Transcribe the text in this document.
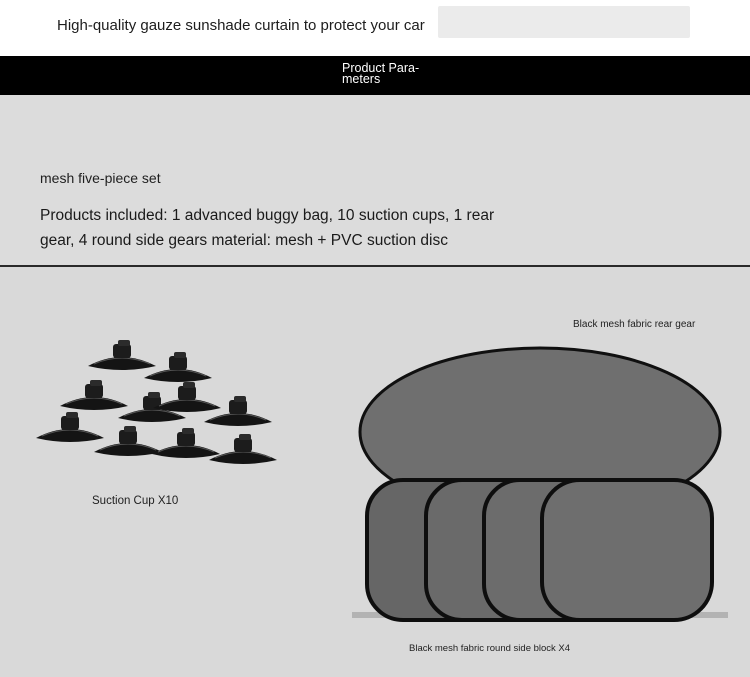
High-quality gauze sunshade curtain to protect your car
Product Para-
meters
mesh five-piece set
Products included: 1 advanced buggy bag, 10 suction cups, 1 rear gear, 4 round side gears material: mesh + PVC suction disc
Suction Cup X10
Black mesh fabric rear gear
Black mesh fabric round side block X4
